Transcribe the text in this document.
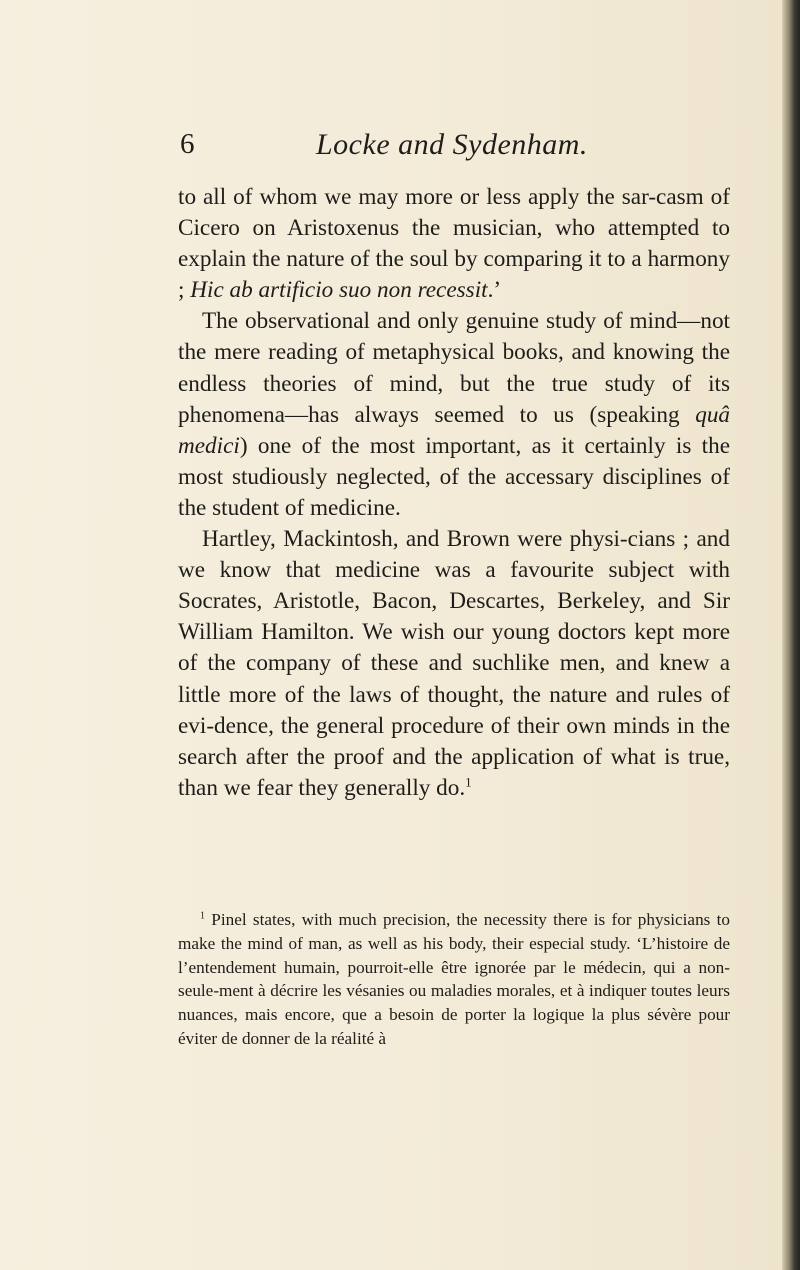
6	Locke and Sydenham.

to all of whom we may more or less apply the sar-casm of Cicero on Aristoxenus the musician, who attempted to explain the nature of the soul by comparing it to a harmony ; Hic ab artificio suo non recessit.’

The observational and only genuine study of mind—not the mere reading of metaphysical books, and knowing the endless theories of mind, but the true study of its phenomena—has always seemed to us (speaking quâ medici) one of the most important, as it certainly is the most studiously neglected, of the accessary disciplines of the student of medicine.

Hartley, Mackintosh, and Brown were physi-cians ; and we know that medicine was a favourite subject with Socrates, Aristotle, Bacon, Descartes, Berkeley, and Sir William Hamilton. We wish our young doctors kept more of the company of these and suchlike men, and knew a little more of the laws of thought, the nature and rules of evi-dence, the general procedure of their own minds in the search after the proof and the application of what is true, than we fear they generally do.$^1$

$^1$ Pinel states, with much precision, the necessity there is for physicians to make the mind of man, as well as his body, their especial study. ‘L’histoire de l’entendement humain, pourroit-elle être ignorée par le médecin, qui a non-seule-ment à décrire les vésanies ou maladies morales, et à indiquer toutes leurs nuances, mais encore, que a besoin de porter la logique la plus sévère pour éviter de donner de la réalité à
